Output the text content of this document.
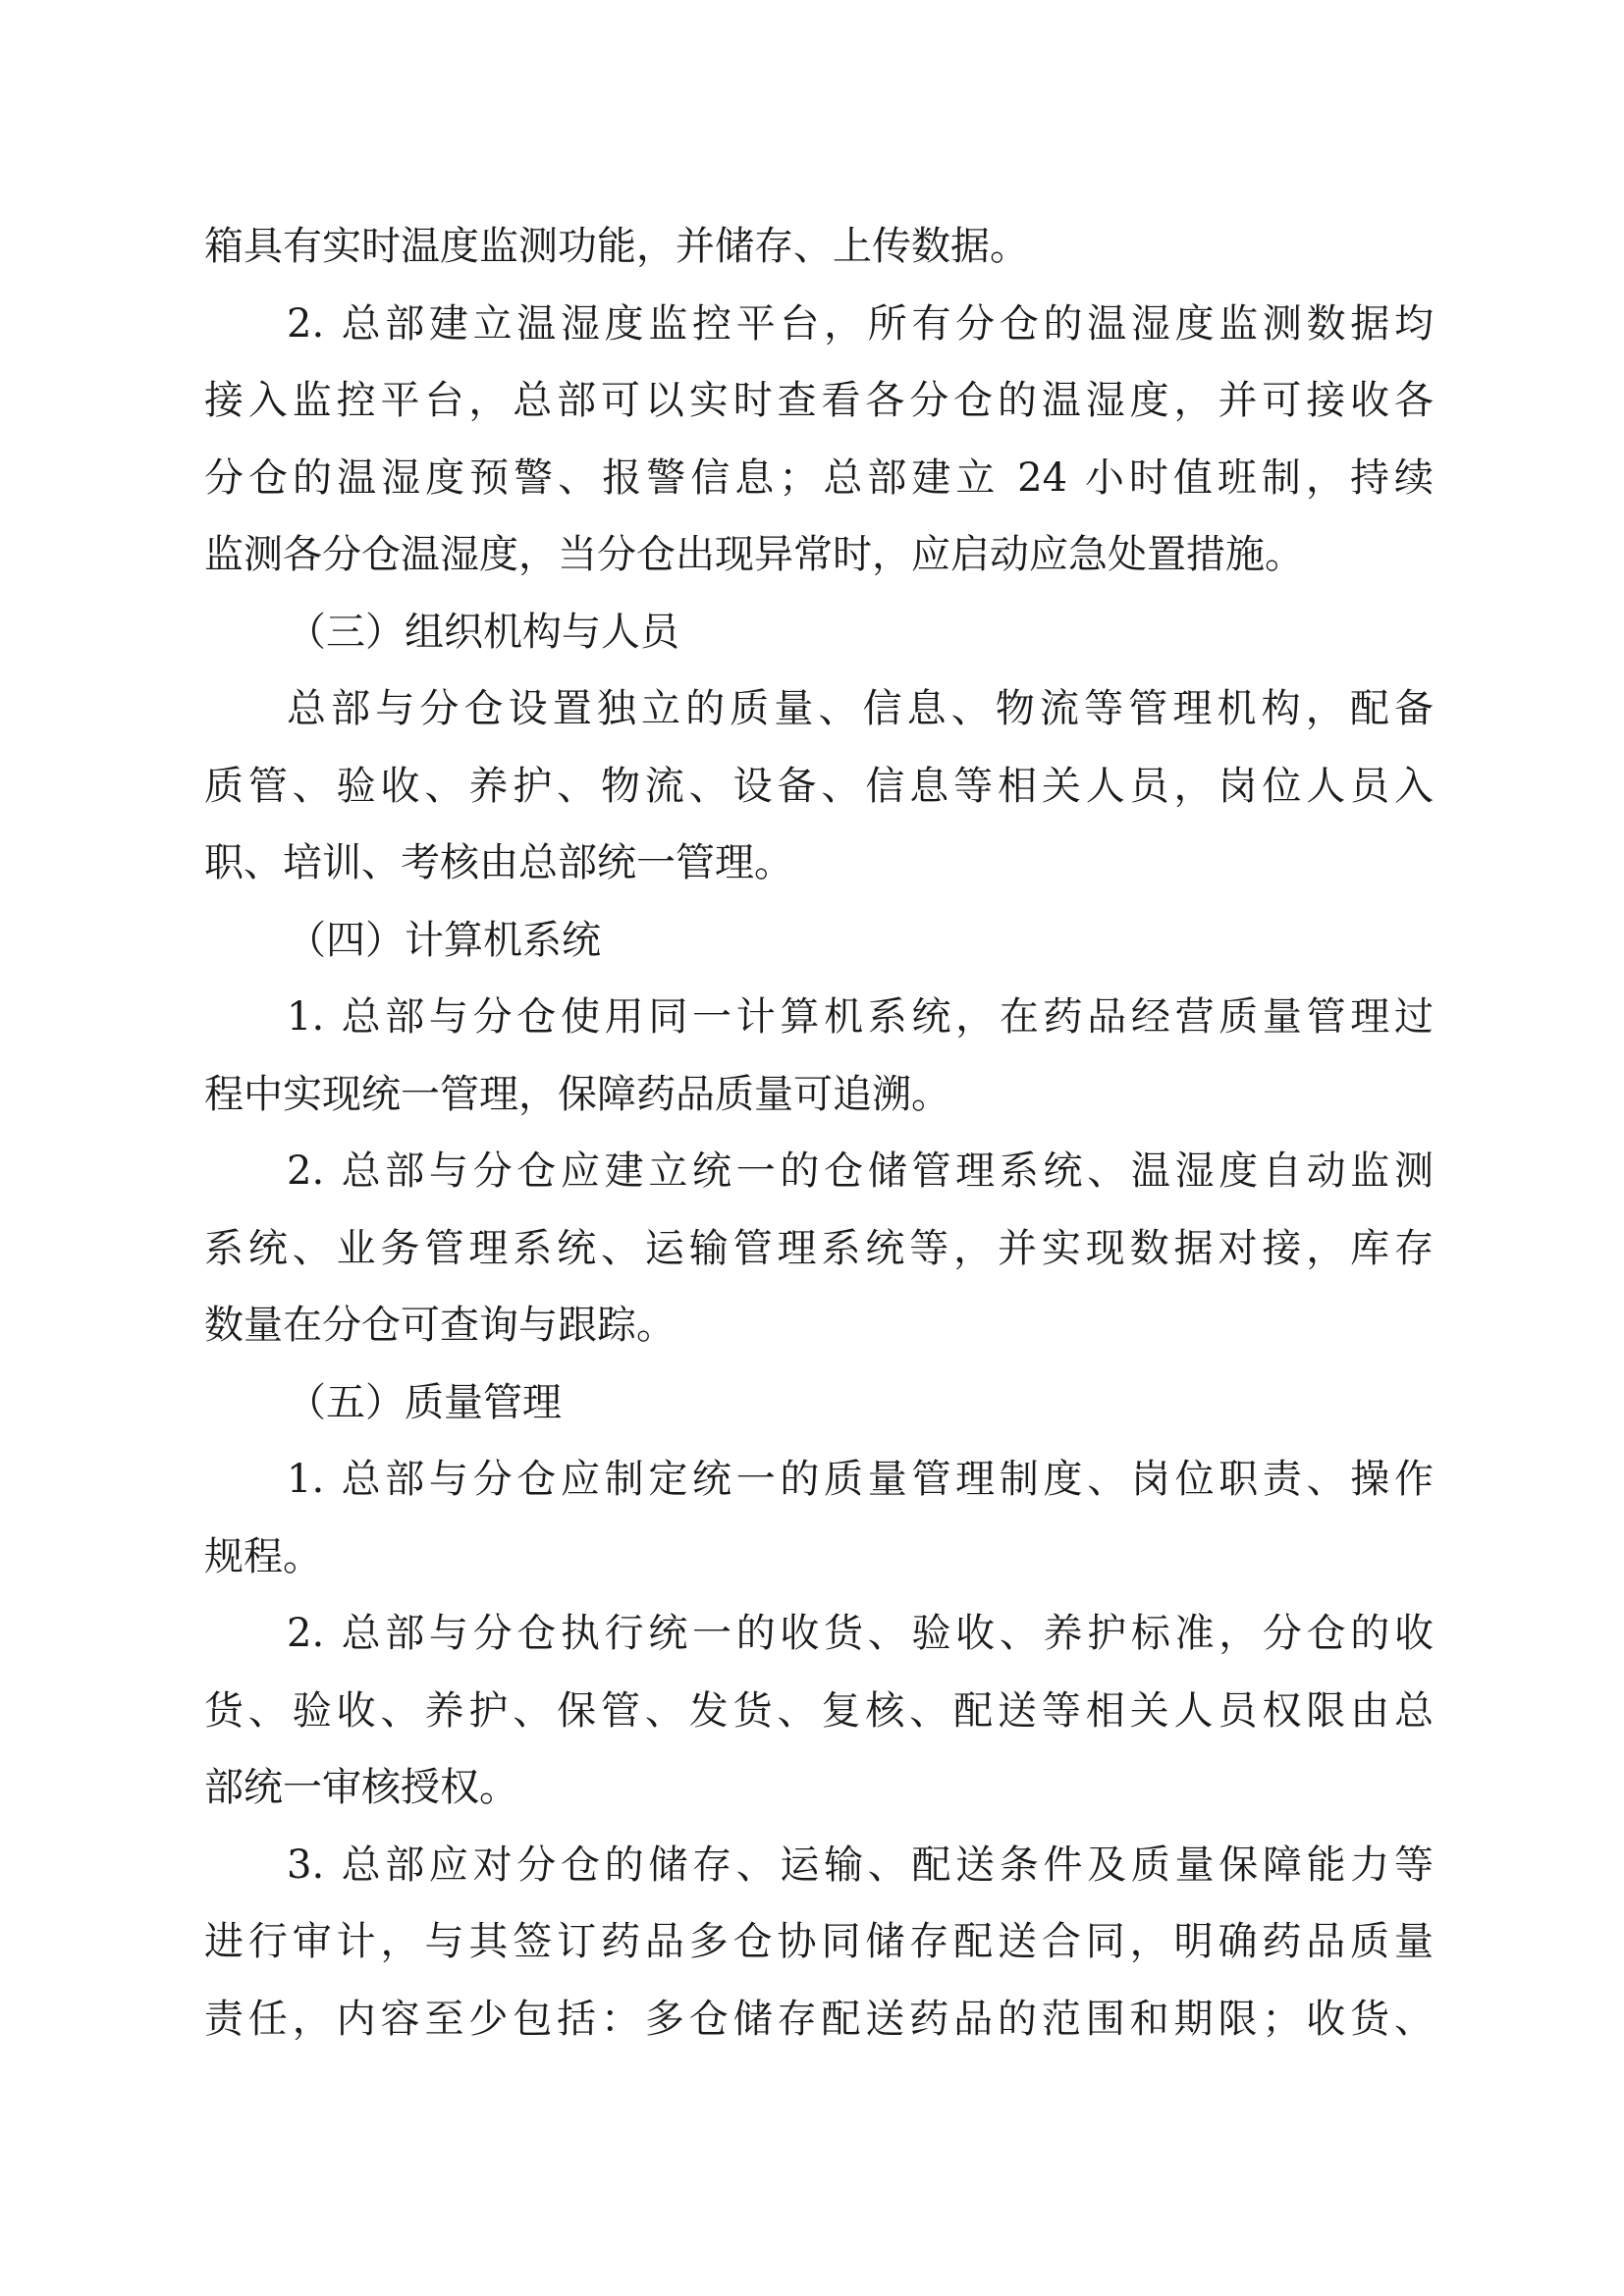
箱具有实时温度监测功能，并储存、上传数据。
2. 总部建立温湿度监控平台，所有分仓的温湿度监测数据均
接入监控平台，总部可以实时查看各分仓的温湿度，并可接收各
分仓的温湿度预警、报警信息；总部建立 24 小时值班制，持续
监测各分仓温湿度，当分仓出现异常时，应启动应急处置措施。
（三）组织机构与人员
总部与分仓设置独立的质量、信息、物流等管理机构，配备
质管、验收、养护、物流、设备、信息等相关人员，岗位人员入
职、培训、考核由总部统一管理。
（四）计算机系统
1. 总部与分仓使用同一计算机系统，在药品经营质量管理过
程中实现统一管理，保障药品质量可追溯。
2. 总部与分仓应建立统一的仓储管理系统、温湿度自动监测
系统、业务管理系统、运输管理系统等，并实现数据对接，库存
数量在分仓可查询与跟踪。
（五）质量管理
1. 总部与分仓应制定统一的质量管理制度、岗位职责、操作
规程。
2. 总部与分仓执行统一的收货、验收、养护标准，分仓的收
货、验收、养护、保管、发货、复核、配送等相关人员权限由总
部统一审核授权。
3. 总部应对分仓的储存、运输、配送条件及质量保障能力等
进行审计，与其签订药品多仓协同储存配送合同，明确药品质量
责任，内容至少包括：多仓储存配送药品的范围和期限；收货、
